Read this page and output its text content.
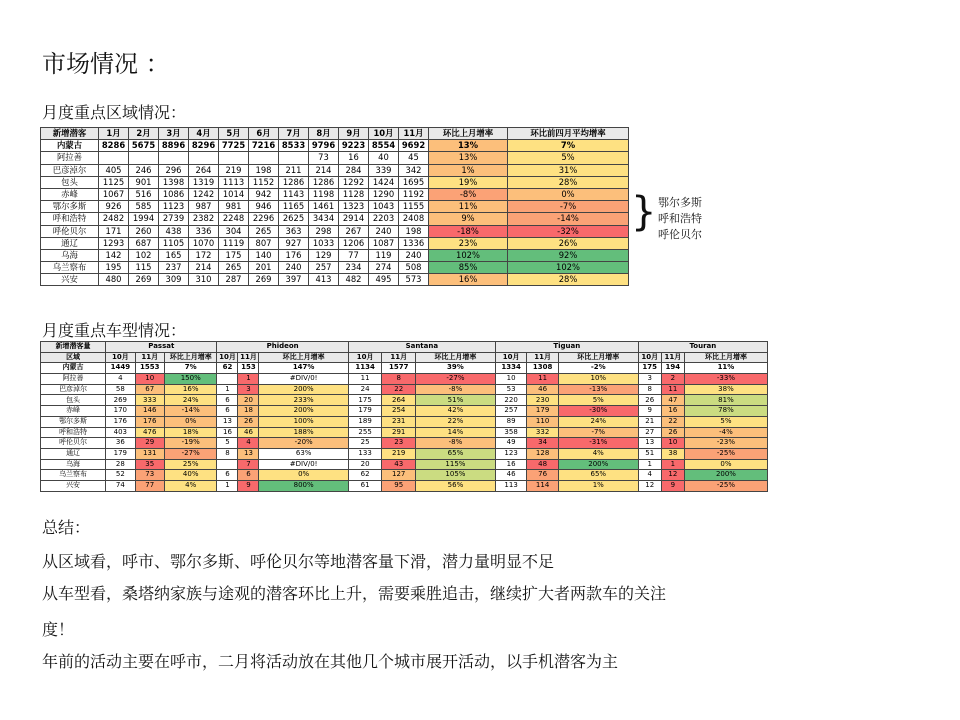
市场情况 ：
月度重点区域情况：
新增潜客	1月	2月	3月	4月	5月	6月	7月	8月	9月	10月	11月	环比上月增率	环比前四月平均增率
内蒙古	8286	5675	8896	8296	7725	7216	8533	9796	9223	8554	9692	13%	7%
阿拉善								73	16	40	45	13%	5%
巴彦淖尔	405	246	296	264	219	198	211	214	284	339	342	1%	31%
包头	1125	901	1398	1319	1113	1152	1286	1286	1292	1424	1695	19%	28%
赤峰	1067	516	1086	1242	1014	942	1143	1198	1128	1290	1192	-8%	0%
鄂尔多斯	926	585	1123	987	981	946	1165	1461	1323	1043	1155	11%	-7%
呼和浩特	2482	1994	2739	2382	2248	2296	2625	3434	2914	2203	2408	9%	-14%
呼伦贝尔	171	260	438	336	304	265	363	298	267	240	198	-18%	-32%
通辽	1293	687	1105	1070	1119	807	927	1033	1206	1087	1336	23%	26%
乌海	142	102	165	172	175	140	176	129	77	119	240	102%	92%
乌兰察布	195	115	237	214	265	201	240	257	234	274	508	85%	102%
兴安	480	269	309	310	287	269	397	413	482	495	573	16%	28%
} 鄂尔多斯
呼和浩特
呼伦贝尔
月度重点车型情况：
新增潜客量	Passat			Phideon			Santana			Tiguan			Touran		
区域	10月	11月	环比上月增率	10月	11月	环比上月增率	10月	11月	环比上月增率	10月	11月	环比上月增率	10月	11月	环比上月增率
内蒙古	1449	1553	7%	62	153	147%	1134	1577	39%	1334	1308	-2%	175	194	11%
阿拉善	4	10	150%		1	#DIV/0!	11	8	-27%	10	11	10%	3	2	-33%
巴彦淖尔	58	67	16%	1	3	200%	24	22	-8%	53	46	-13%	8	11	38%
包头	269	333	24%	6	20	233%	175	264	51%	220	230	5%	26	47	81%
赤峰	170	146	-14%	6	18	200%	179	254	42%	257	179	-30%	9	16	78%
鄂尔多斯	176	176	0%	13	26	100%	189	231	22%	89	110	24%	21	22	5%
呼和浩特	403	476	18%	16	46	188%	255	291	14%	358	332	-7%	27	26	-4%
呼伦贝尔	36	29	-19%	5	4	-20%	25	23	-8%	49	34	-31%	13	10	-23%
通辽	179	131	-27%	8	13	63%	133	219	65%	123	128	4%	51	38	-25%
乌海	28	35	25%		7	#DIV/0!	20	43	115%	16	48	200%	1	1	0%
乌兰察布	52	73	40%	6	6	0%	62	127	105%	46	76	65%	4	12	200%
兴安	74	77	4%	1	9	800%	61	95	56%	113	114	1%	12	9	-25%
总结：
从区域看，呼市、鄂尔多斯、呼伦贝尔等地潜客量下滑，潜力量明显不足
从车型看，桑塔纳家族与途观的潜客环比上升，需要乘胜追击，继续扩大者两款车的关注
度！
年前的活动主要在呼市，二月将活动放在其他几个城市展开活动，以手机潜客为主
